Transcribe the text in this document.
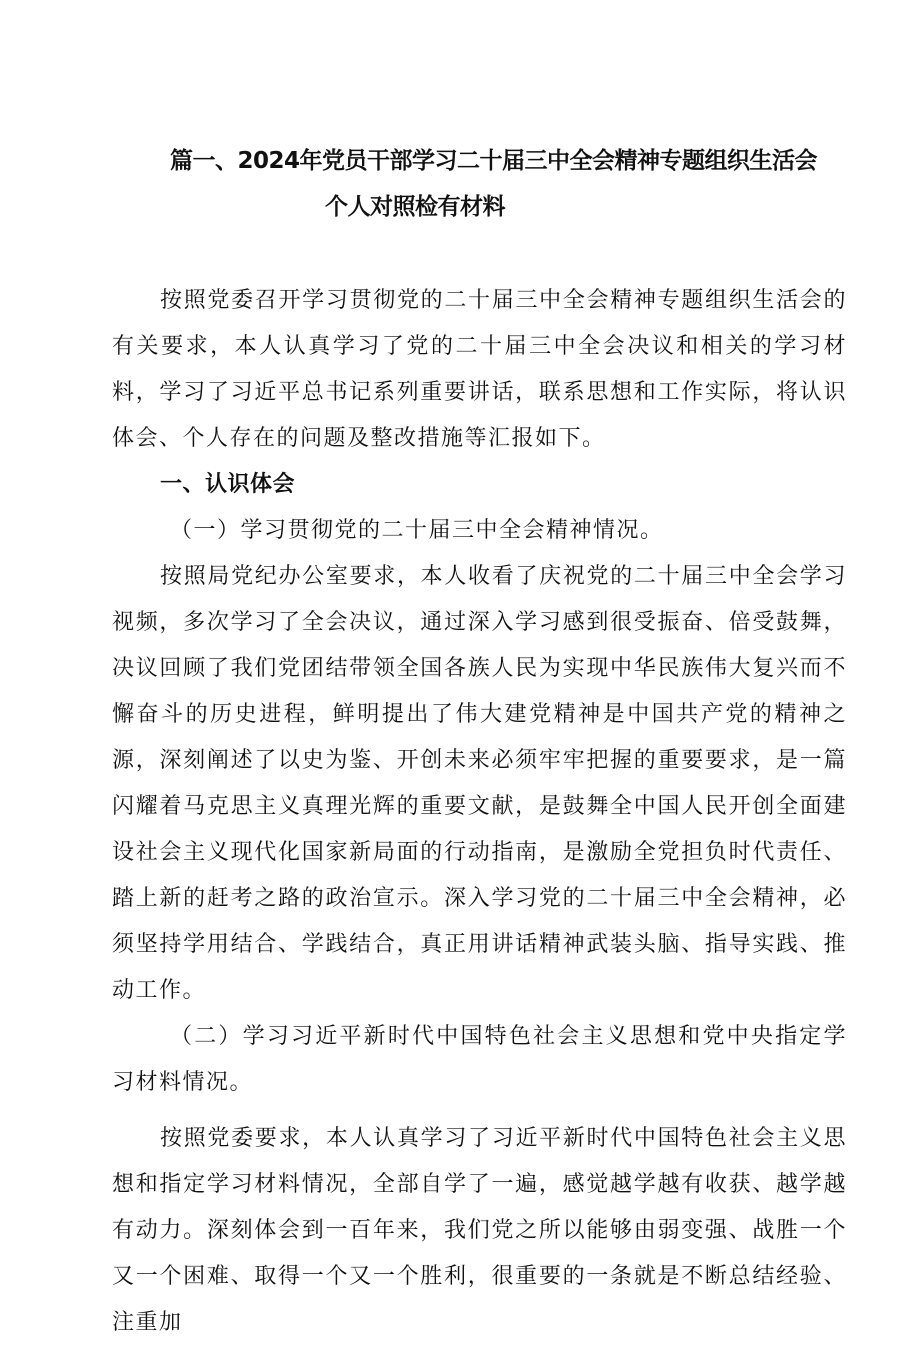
篇一、2024年党员干部学习二十届三中全会精神专题组织生活会
个人对照检有材料

按照党委召开学习贯彻党的二十届三中全会精神专题组织生活会的有关要求，本人认真学习了党的二十届三中全会决议和相关的学习材料，学习了习近平总书记系列重要讲话，联系思想和工作实际，将认识体会、个人存在的问题及整改措施等汇报如下。

一、认识体会

（一）学习贯彻党的二十届三中全会精神情况。

按照局党纪办公室要求，本人收看了庆祝党的二十届三中全会学习视频，多次学习了全会决议，通过深入学习感到很受振奋、倍受鼓舞，决议回顾了我们党团结带领全国各族人民为实现中华民族伟大复兴而不懈奋斗的历史进程，鲜明提出了伟大建党精神是中国共产党的精神之源，深刻阐述了以史为鉴、开创未来必须牢牢把握的重要要求，是一篇闪耀着马克思主义真理光辉的重要文献，是鼓舞全中国人民开创全面建设社会主义现代化国家新局面的行动指南，是激励全党担负时代责任、踏上新的赶考之路的政治宣示。深入学习党的二十届三中全会精神，必须坚持学用结合、学践结合，真正用讲话精神武装头脑、指导实践、推动工作。

（二）学习习近平新时代中国特色社会主义思想和党中央指定学习材料情况。

按照党委要求，本人认真学习了习近平新时代中国特色社会主义思想和指定学习材料情况，全部自学了一遍，感觉越学越有收获、越学越有动力。深刻体会到一百年来，我们党之所以能够由弱变强、战胜一个又一个困难、取得一个又一个胜利，很重要的一条就是不断总结经验、注重加
